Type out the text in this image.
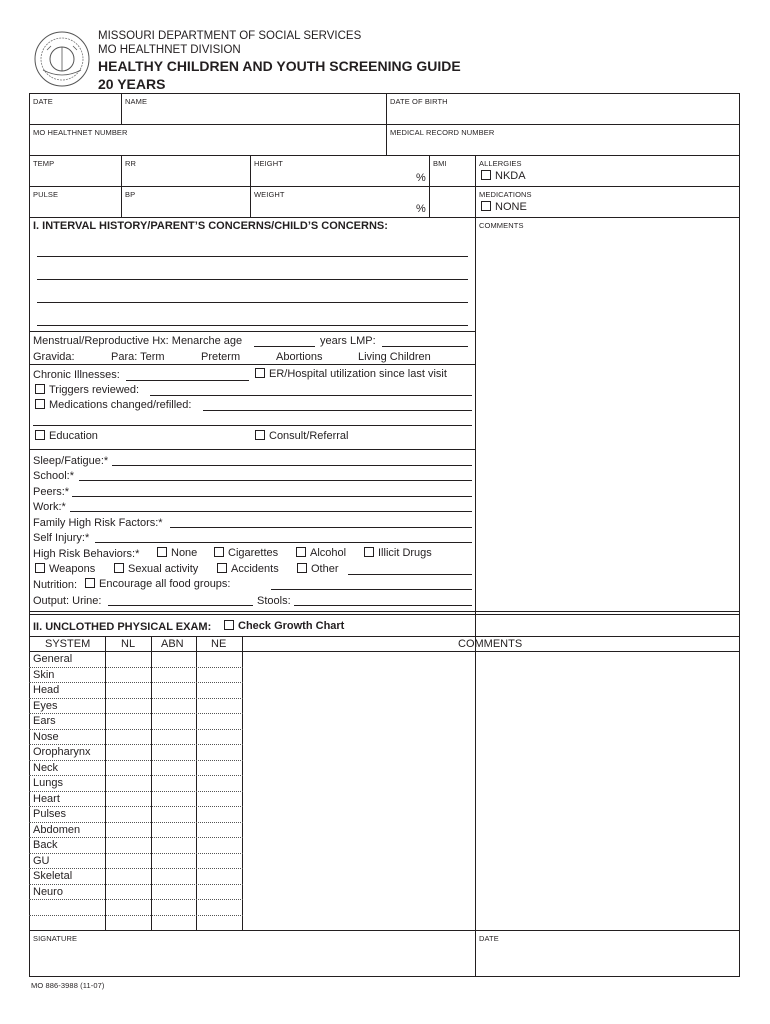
MISSOURI DEPARTMENT OF SOCIAL SERVICES
MO HEALTHNET DIVISION
HEALTHY CHILDREN AND YOUTH SCREENING GUIDE
20 YEARS
DATE	NAME	DATE OF BIRTH
MO HEALTHNET NUMBER	MEDICAL RECORD NUMBER
TEMP	RR	HEIGHT	BMI
%
ALLERGIES
NKDA
PULSE	BP	WEIGHT
%
MEDICATIONS
NONE
COMMENTS
I. INTERVAL HISTORY/PARENT’S CONCERNS/CHILD’S CONCERNS:
Menstrual/Reproductive Hx: Menarche age	years LMP:
Gravida:	Para: Term	Preterm	Abortions	Living Children
Chronic Illnesses:	ER/Hospital utilization since last visit
Triggers reviewed:
Medications changed/refilled:
Education	Consult/Referral
Sleep/Fatigue:*
School:*
Peers:*
Work:*
Family High Risk Factors:*
Self Injury:*
High Risk Behaviors:*	None	Cigarettes	Alcohol	Illicit Drugs
Weapons	Sexual activity	Accidents	Other
Nutrition:	Encourage all food groups:
Output: Urine:	Stools:
II. UNCLOTHED PHYSICAL EXAM:	Check Growth Chart
SYSTEM	NL ABN NE	COMMENTS
General
Skin
Head
Eyes
Ears
Nose
Oropharynx
Neck
Lungs
Heart
Pulses
Abdomen
Back
GU
Skeletal
Neuro
SIGNATURE	DATE
MO 886-3988 (11-07)
